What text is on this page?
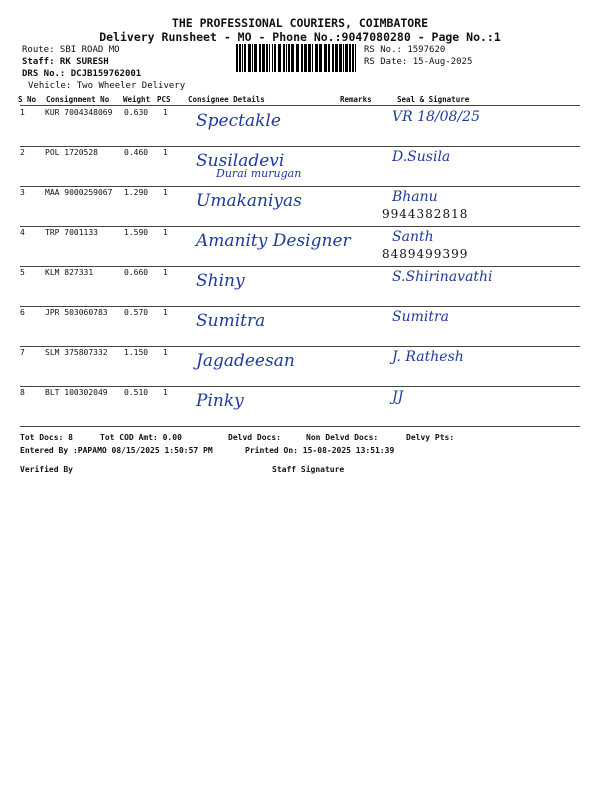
THE PROFESSIONAL COURIERS, COIMBATORE
Delivery Runsheet - MO - Phone No.:9047080280 - Page No.:1
Route: SBI ROAD MO
Staff: RK SURESH
DRS No.: DCJB159762001
Vehicle: Two Wheeler Delivery
RS No.: 1597620
RS Date: 15-Aug-2025
S No Consignment No Weight PCS Consignee Details	Remarks	Seal & Signature
1	KUR 7004348069 0.630 1 Spectakle	VR 18/08/25
2	POL 1720528	0.460 1 Susiladevi
Durai murugan
D.Susila
3	MAA 9000259067 1.290 1 Umakaniyas	Bhanu
9944382818
4	TRP 7001133	1.590 1 Amanity Designer	Santh
8489499399
5	KLM 827331	0.660 1 Shiny	S.Shirinavathi
6	JPR 503060783 0.570 1 Sumitra	Sumitra
7	SLM 375807332 1.150 1 Jagadeesan	J. Rathesh
8	BLT 100302049 0.510 1 Pinky	JJ
Tot Docs: 8	Tot COD Amt: 0.00	Delvd Docs:	Non Delvd Docs:	Delvy Pts:
Entered By :PAPAMO 08/15/2025 1:50:57 PM	Printed On: 15-08-2025 13:51:39
Verified By	Staff Signature
